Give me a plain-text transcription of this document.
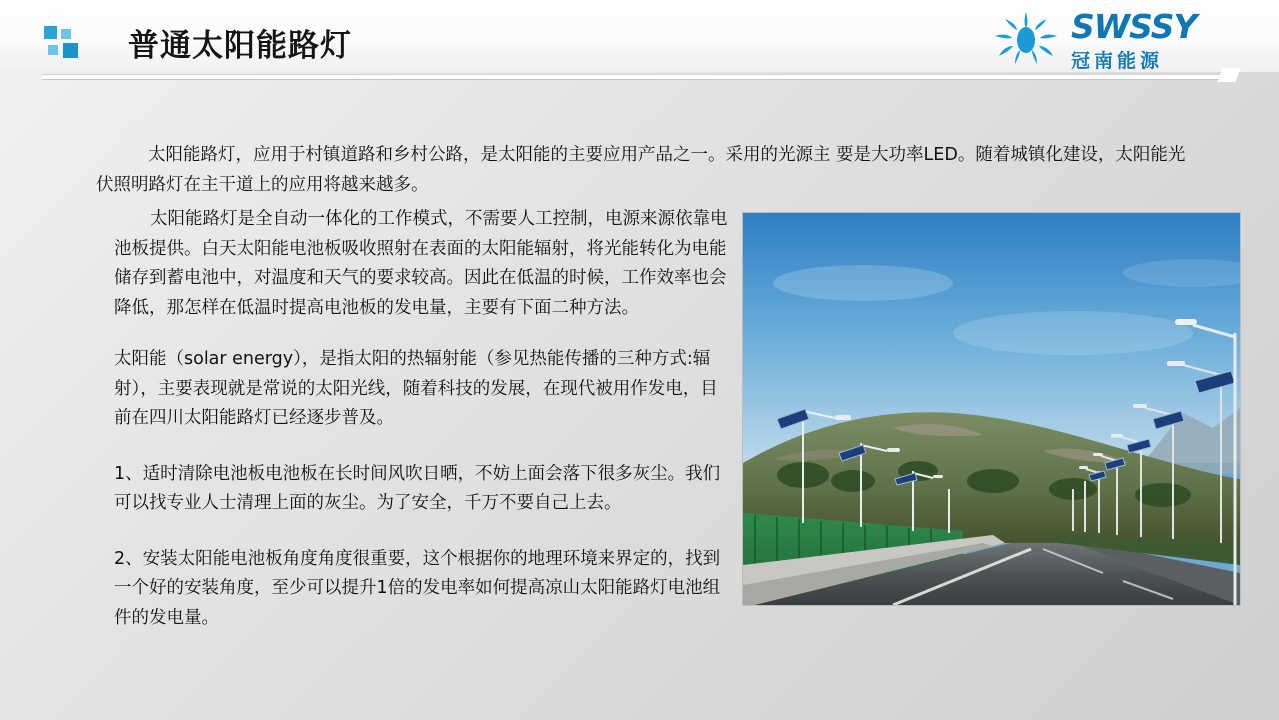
普通太阳能路灯	SWSSY
冠南能源
太阳能路灯，应用于村镇道路和乡村公路，是太阳能的主要应用产品之一。采用的光源主 要是大功率LED。随着城镇化建设，太阳能光伏照明路灯在主干道上的应用将越来越多。

太阳能路灯是全自动一体化的工作模式，不需要人工控制，电源来源依靠电池板提供。白天太阳能电池板吸收照射在表面的太阳能辐射，将光能转化为电能储存到蓄电池中，对温度和天气的要求较高。因此在低温的时候，工作效率也会降低，那怎样在低温时提高电池板的发电量，主要有下面二种方法。

太阳能（solar energy），是指太阳的热辐射能（参见热能传播的三种方式:辐射），主要表现就是常说的太阳光线，随着科技的发展，在现代被用作发电，目前在四川太阳能路灯已经逐步普及。

1、适时清除电池板电池板在长时间风吹日晒，不妨上面会落下很多灰尘。我们可以找专业人士清理上面的灰尘。为了安全，千万不要自己上去。

2、安装太阳能电池板角度角度很重要，这个根据你的地理环境来界定的，找到一个好的安装角度，至少可以提升1倍的发电率如何提高凉山太阳能路灯电池组件的发电量。
